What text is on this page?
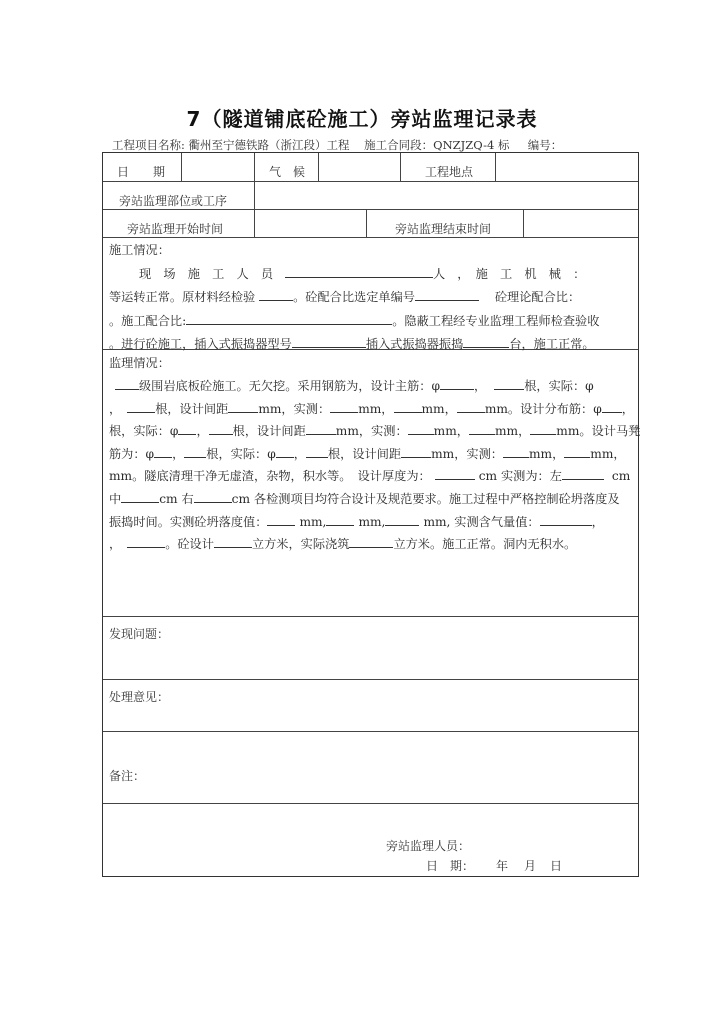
7（隧道铺底砼施工）旁站监理记录表
工程项目名称: 衢州至宁德铁路（浙江段）工程    施工合同段：QNZJZQ-4 标     编号：
日　　期	气　候	工程地点
旁站监理部位或工序
旁站监理开始时间	旁站监理结束时间
施工情况：
现　场　施　工　人　员	人　，　施　工　机　械　：
等运转正常。原材料经检验	。砼配合比选定单编号	砼理论配合比：
。施工配合比:	。隐蔽工程经专业监理工程师检查验收
。进行砼施工，插入式振捣器型号	插入式振捣器振捣	台，施工正常。
监理情况：
级围岩底板砼施工。无欠挖。采用钢筋为，设计主筋：φ	，	根，实际：φ
，	根，设计间距 mm，实测： mm， mm， mm。设计分布筋：φ ，
根，实际：φ ， 根，设计间距 mm，实测： mm， mm， mm。设计马凳
筋为：φ ， 根，实际：φ ， 根，设计间距 mm，实测： mm， mm，
mm。隧底清理干净无虚渣，杂物，积水等。　设计厚度为：	cm 实测为：左	cm
中	cm 右	cm 各检测项目均符合设计及规范要求。施工过程中严格控制砼坍落度及
振捣时间。实测砼坍落度值：	mm,	mm,	mm, 实测含气量值：	，
，	。砼设计	立方米，实际浇筑	立方米。施工正常。洞内无积水。
发现问题：
处理意见：
备注：
旁站监理人员：
日　期： 年 月 日
